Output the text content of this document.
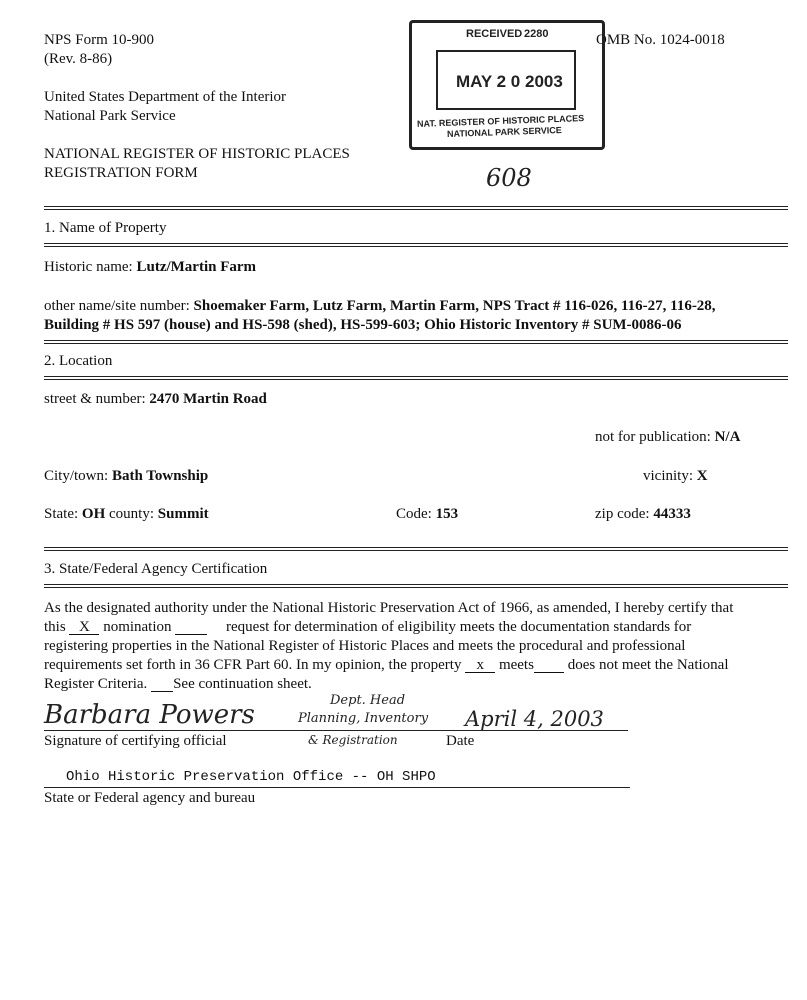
NPS Form 10-900
(Rev. 8-86)
United States Department of the Interior
National Park Service
NATIONAL REGISTER OF HISTORIC PLACES
REGISTRATION FORM
OMB No. 1024-0018
RECEIVED 2280
MAY 2 0 2003
NAT. REGISTER OF HISTORIC PLACES
NATIONAL PARK SERVICE
608
1. Name of Property
Historic name: Lutz/Martin Farm
other name/site number: Shoemaker Farm, Lutz Farm, Martin Farm, NPS Tract # 116-026, 116-27, 116-28,
Building # HS 597 (house) and HS-598 (shed), HS-599-603; Ohio Historic Inventory # SUM-0086-06
2. Location
street & number: 2470 Martin Road
not for publication: N/A
City/town: Bath Township	vicinity: X
State: OH county: Summit	Code: 153	zip code: 44333
3. State/Federal Agency Certification
As the designated authority under the National Historic Preservation Act of 1966, as amended, I hereby certify that
this X nomination	request for determination of eligibility meets the documentation standards for
registering properties in the National Register of Historic Places and meets the procedural and professional
requirements set forth in 36 CFR Part 60. In my opinion, the property x meets does not meet the National
Register Criteria. See continuation sheet.
Barbara Powers	Dept. Head
Planning, Inventory
& Registration
April 4, 2003
Signature of certifying official	Date
Ohio Historic Preservation Office -- OH SHPO
State or Federal agency and bureau
